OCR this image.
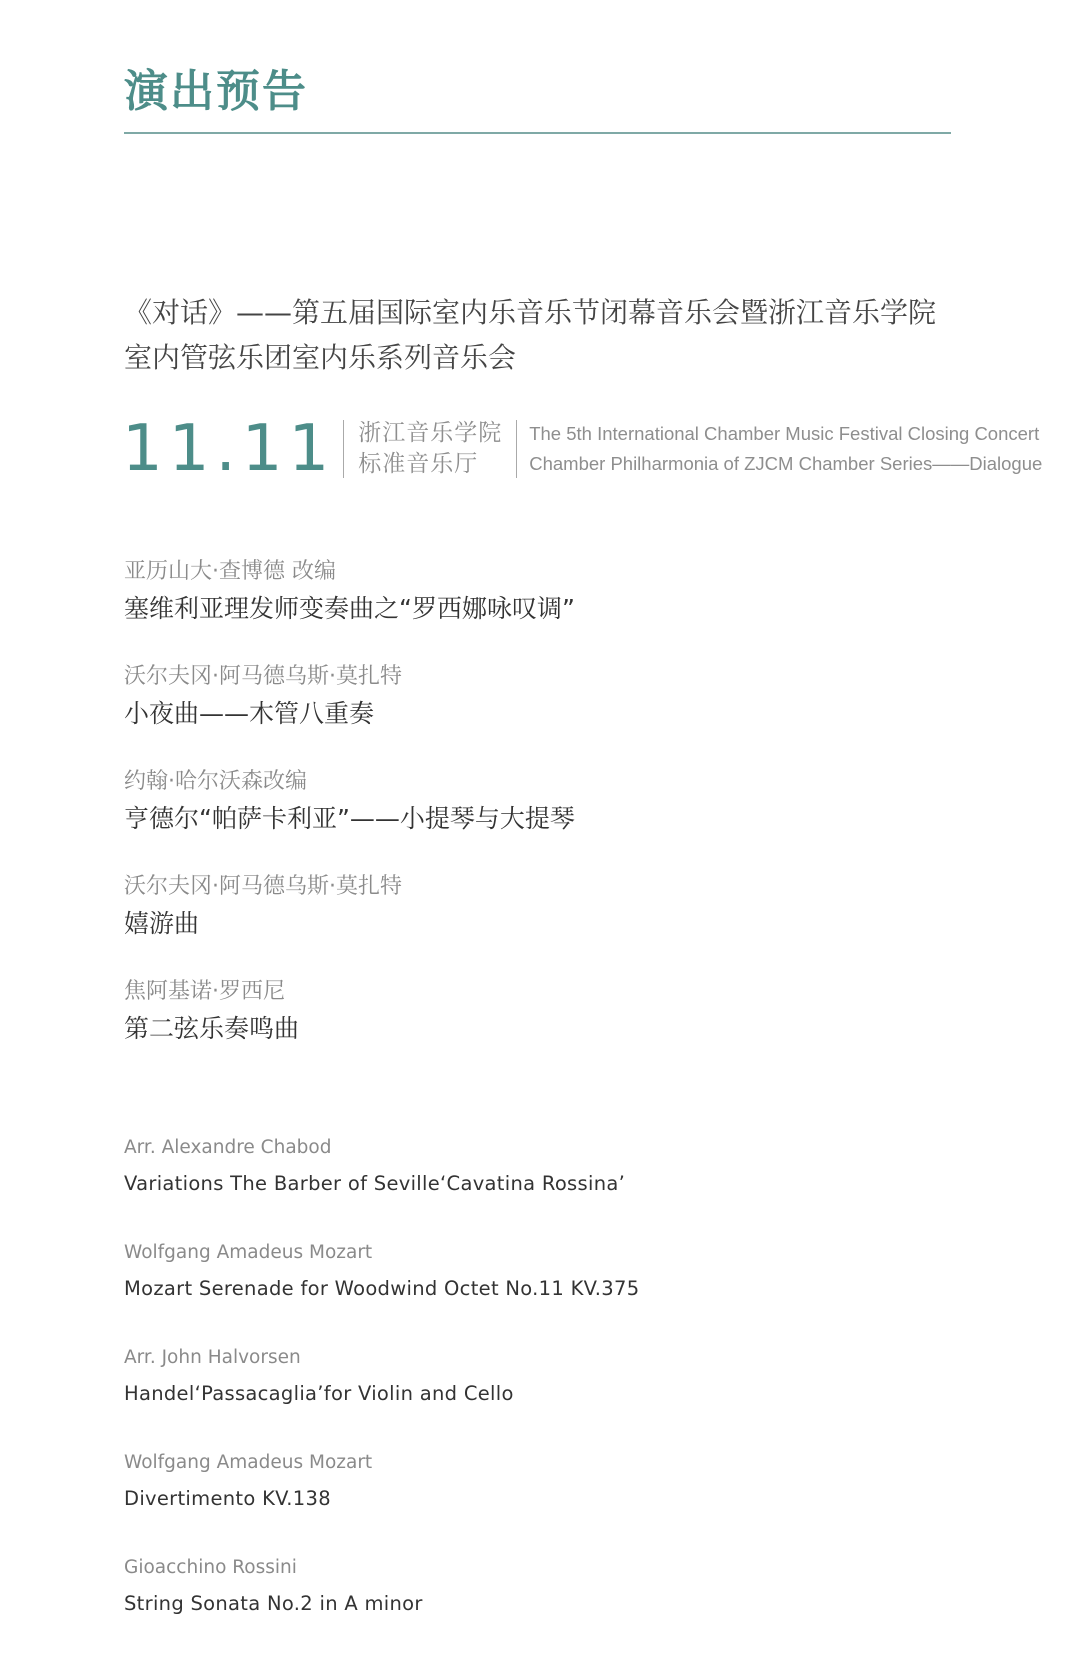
演出预告
《对话》——第五届国际室内乐音乐节闭幕音乐会暨浙江音乐学院
室内管弦乐团室内乐系列音乐会
11.11 浙江音乐学院
标准音乐厅
The 5th International Chamber Music Festival Closing Concert
Chamber Philharmonia of ZJCM Chamber Series——Dialogue

亚历山大·查博德 改编

塞维利亚理发师变奏曲之“罗西娜咏叹调”

沃尔夫冈·阿马德乌斯·莫扎特

小夜曲——木管八重奏

约翰·哈尔沃森改编

亨德尔“帕萨卡利亚”——小提琴与大提琴

沃尔夫冈·阿马德乌斯·莫扎特

嬉游曲

焦阿基诺·罗西尼

第二弦乐奏鸣曲

Arr. Alexandre Chabod

Variations The Barber of Seville‘Cavatina Rossina’

Wolfgang Amadeus Mozart

Mozart Serenade for Woodwind Octet No.11 KV.375

Arr. John Halvorsen

Handel‘Passacaglia’for Violin and Cello

Wolfgang Amadeus Mozart

Divertimento KV.138

Gioacchino Rossini

String Sonata No.2 in A minor
